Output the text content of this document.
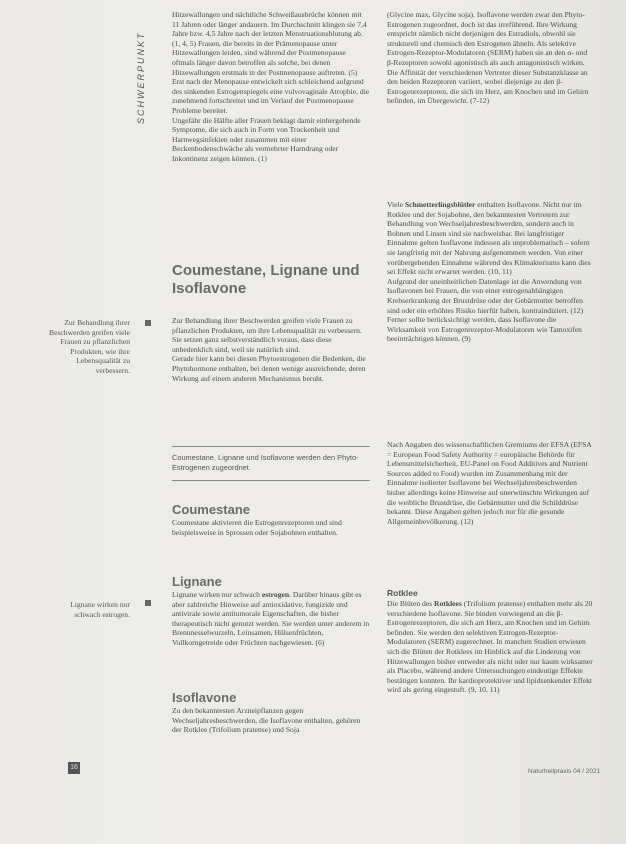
SCHWERPUNKT
Zur Behandlung ihrer Beschwerden greifen viele Frauen zu pflanzlichen Produkten, wie ihre Lebensqualität zu verbessern.
Lignane wirken nur schwach estrogen.

Hitzewallungen und nächtliche Schweißausbrüche können mit 11 Jahren oder länger andauern. Im Durchschnitt klingen sie 7,4 Jahre bzw. 4,5 Jahre nach der letzten Menstruationsblutung ab. (1, 4, 5) Frauen, die bereits in der Prämenopause unter Hitzewallungen leiden, sind während der Postmenopause oftmals länger davon betroffen als solche, bei denen Hitzewallungen erstmals in der Postmenopause auftreten. (5)

Erst nach der Menopause entwickelt sich schleichend aufgrund des sinkenden Estrogenspiegels eine vulvovaginale Atrophie, die zunehmend fortschreitet und im Verlauf der Postmenopause Probleme bereitet.

Ungefähr die Hälfte aller Frauen beklagt damit einhergehende Symptome, die sich auch in Form von Trockenheit und Harnwegsinfekten oder zusammen mit einer Beckenbodenschwäche als vermehrter Harndrang oder Inkontinenz zeigen können. (1)

Coumestane, Lignane und Isoflavone

Zur Behandlung ihrer Beschwerden greifen viele Frauen zu pflanzlichen Produkten, um ihre Lebensqualität zu verbessern. Sie setzen ganz selbstverständlich voraus, dass diese unbedenklich sind, weil sie natürlich sind.

Gerade hier kann bei diesen Phytoestrogenen die Bedenken, die Phytohormone enthalten, bei denen wenige ausreichende, deren Wirkung auf einem anderen Mechanismus beruht.

Coumestane, Lignane und Isoflavone werden den Phyto-Estrogenen zugeordnet.
Coumestane

Coumestane aktivieren die Estrogenrezeptoren und sind beispielsweise in Sprossen oder Sojabohnen enthalten.

Lignane

Lignane wirken nur schwach estrogen. Darüber hinaus gibt es aber zahlreiche Hinweise auf antioxidative, fungizide und antivirale sowie antitumorale Eigenschaften, die bisher therapeutisch nicht genutzt werden. Sie werden unter anderem in Brennnesselwurzeln, Leinsamen, Hülsenfrüchten, Vollkorngetreide oder Früchten nachgewiesen. (6)

Isoflavone

Zu den bekanntesten Arzneipflanzen gegen Wechseljahresbeschwerden, die Isoflavone enthalten, gehören der Rotklee (Trifolium pratense) und Soja

(Glycine max, Glycine soja). Isoflavone werden zwar den Phyto-Estrogenen zugeordnet, doch ist das irreführend. Ihre Wirkung entspricht nämlich nicht derjenigen des Estradiols, obwohl sie strukturell und chemisch den Estrogenen ähneln. Als selektive Estrogen-Rezeptor-Modulatoren (SERM) haben sie an den α- und β-Rezeptoren sowohl agonistisch als auch antagonistisch wirken. Die Affinität der verschiedenen Vertreter dieser Substanzklasse an den beiden Rezeptoren variiert, wobei diejenige zu den β-Estrogenrezeptoren, die sich im Herz, am Knochen und im Gehirn befinden, im Übergewicht. (7-12)

Viele Schmetterlingsblütler enthalten Isoflavone. Nicht nur im Rotklee und der Sojabohne, den bekanntesten Vertretern zur Behandlung von Wechseljahresbeschwerden, sondern auch in Bohnen und Linsen sind sie nachweisbar. Bei langfristiger Einnahme gelten Isoflavone indessen als unproblematisch – sofern sie langfristig mit der Nahrung aufgenommen werden. Von einer vorübergehenden Einnahme während des Klimakteriums kann dies sei Effekt nicht erwartet werden. (10, 11)

Aufgrund der uneinheitlichen Datenlage ist die Anwendung von Isoflavonen bei Frauen, die von einer estrogenabhängigen Krebserkrankung der Brustdrüse oder der Gebärmutter betroffen sind oder ein erhöhtes Risiko hierfür haben, kontraindiziert. (12) Ferner sollte berücksichtigt werden, dass Isoflavone die Wirksamkeit von Estrogenrezeptor-Modulatoren wie Tamoxifen beeinträchtigen können. (9)

Nach Angaben des wissenschaftlichen Gremiums der EFSA (EFSA = European Food Safety Authority = europäische Behörde für Lebensmittelsicherheit, EU-Panel on Food Additives and Nutrient Sources added to Food) wurden im Zusammenhang mit der Einnahme isolierter Isoflavone bei Wechseljahresbeschwerden bisher allerdings keine Hinweise auf unerwünschte Wirkungen auf die weibliche Brustdrüse, die Gebärmutter und die Schilddrüse bekannt. Diese Angaben gelten jedoch nur für die gesunde Allgemeinbevölkerung. (12)

Rotklee

Die Blüten des Rotklees (Trifolium pratense) enthalten mehr als 20 verschiedene Isoflavone. Sie binden vorwiegend an die β-Estrogenrezeptoren, die sich am Herz, am Knochen und im Gehirn befinden. Sie werden den selektiven Estrogen-Rezeptor-Modulatoren (SERM) zugerechnet. In manchen Studien erwiesen sich die Blüten der Rotklees im Hinblick auf die Linderung von Hitzewallungen bisher entweder als nicht oder nur kaum wirksamer als Placebo, während andere Untersuchungen eindeutige Effekte bestätigen konnten. Ihr kardioprotektiver und lipidsenkender Effekt wird als gering eingestuft. (9, 10, 11)

16
Naturheilpraxis 04 / 2021
